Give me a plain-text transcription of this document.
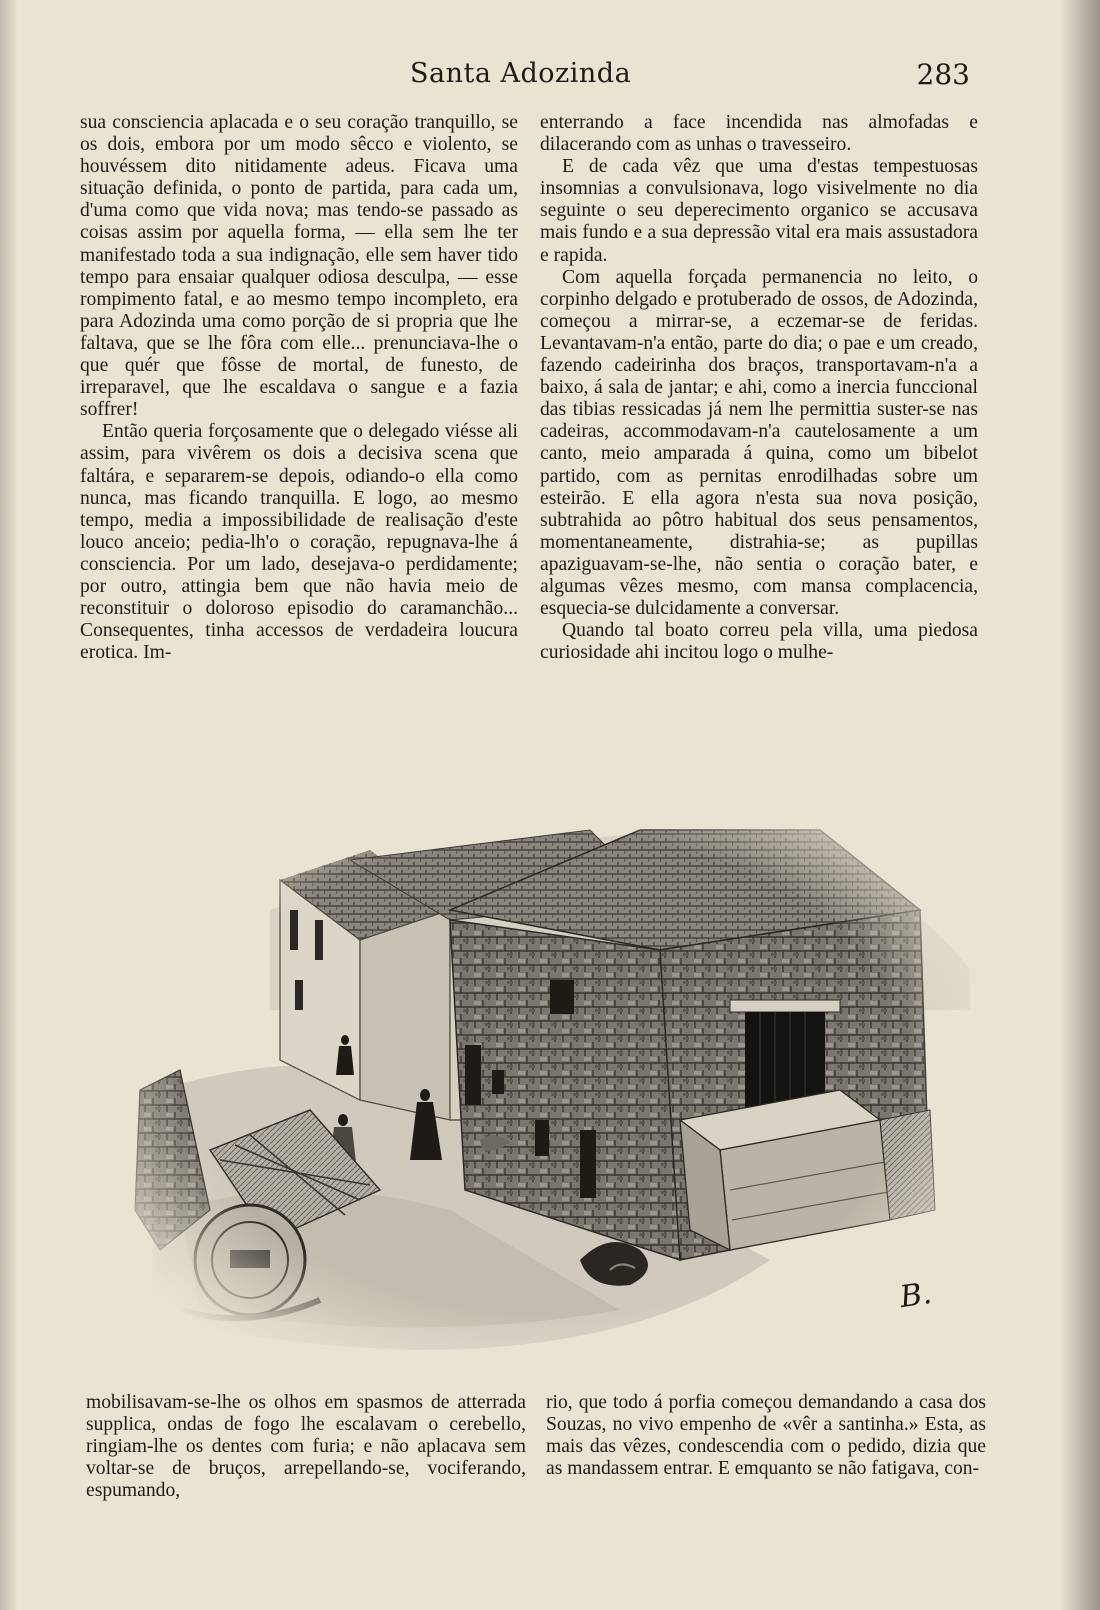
Santa Adozinda	283

sua consciencia aplacada e o seu coração tranquillo, se os dois, embora por um modo sêcco e violento, se houvéssem dito nitidamente adeus. Ficava uma situação definida, o ponto de partida, para cada um, d'uma como que vida nova; mas tendo-se passado as coisas assim por aquella forma, — ella sem lhe ter manifestado toda a sua indignação, elle sem haver tido tempo para ensaiar qualquer odiosa desculpa, — esse rompimento fatal, e ao mesmo tempo incompleto, era para Adozinda uma como porção de si propria que lhe faltava, que se lhe fôra com elle... prenunciava-lhe o que quér que fôsse de mortal, de funesto, de irreparavel, que lhe escaldava o sangue e a fazia soffrer!

Então queria forçosamente que o delegado viésse ali assim, para vivêrem os dois a decisiva scena que faltára, e separarem-se depois, odiando-o ella como nunca, mas ficando tranquilla. E logo, ao mesmo tempo, media a impossibilidade de realisação d'este louco anceio; pedia-lh'o o coração, repugnava-lhe á consciencia. Por um lado, desejava-o perdidamente; por outro, attingia bem que não havia meio de reconstituir o doloroso episodio do caramanchão... Consequentes, tinha accessos de verdadeira loucura erotica. Im-

enterrando a face incendida nas almofadas e dilacerando com as unhas o travesseiro.

E de cada vêz que uma d'estas tempestuosas insomnias a convulsionava, logo visivelmente no dia seguinte o seu deperecimento organico se accusava mais fundo e a sua depressão vital era mais assustadora e rapida.

Com aquella forçada permanencia no leito, o corpinho delgado e protuberado de ossos, de Adozinda, começou a mirrar-se, a eczemar-se de feridas. Levantavam-n'a então, parte do dia; o pae e um creado, fazendo cadeirinha dos braços, transportavam-n'a a baixo, á sala de jantar; e ahi, como a inercia funccional das tibias ressicadas já nem lhe permittia suster-se nas cadeiras, accommodavam-n'a cautelosamente a um canto, meio amparada á quina, como um bibelot partido, com as pernitas enrodilhadas sobre um esteirão. E ella agora n'esta sua nova posição, subtrahida ao pôtro habitual dos seus pensamentos, momentaneamente, distrahia-se; as pupillas apaziguavam-se-lhe, não sentia o coração bater, e algumas vêzes mesmo, com mansa complacencia, esquecia-se dulcidamente a conversar.

Quando tal boato correu pela villa, uma piedosa curiosidade ahi incitou logo o mulhe-

B.

mobilisavam-se-lhe os olhos em spasmos de atterrada supplica, ondas de fogo lhe escalavam o cerebello, ringiam-lhe os dentes com furia; e não aplacava sem voltar-se de bruços, arrepellando-se, vociferando, espumando,

rio, que todo á porfia começou demandando a casa dos Souzas, no vivo empenho de «vêr a santinha.» Esta, as mais das vêzes, condescendia com o pedido, dizia que as mandassem entrar. E emquanto se não fatigava, con-
